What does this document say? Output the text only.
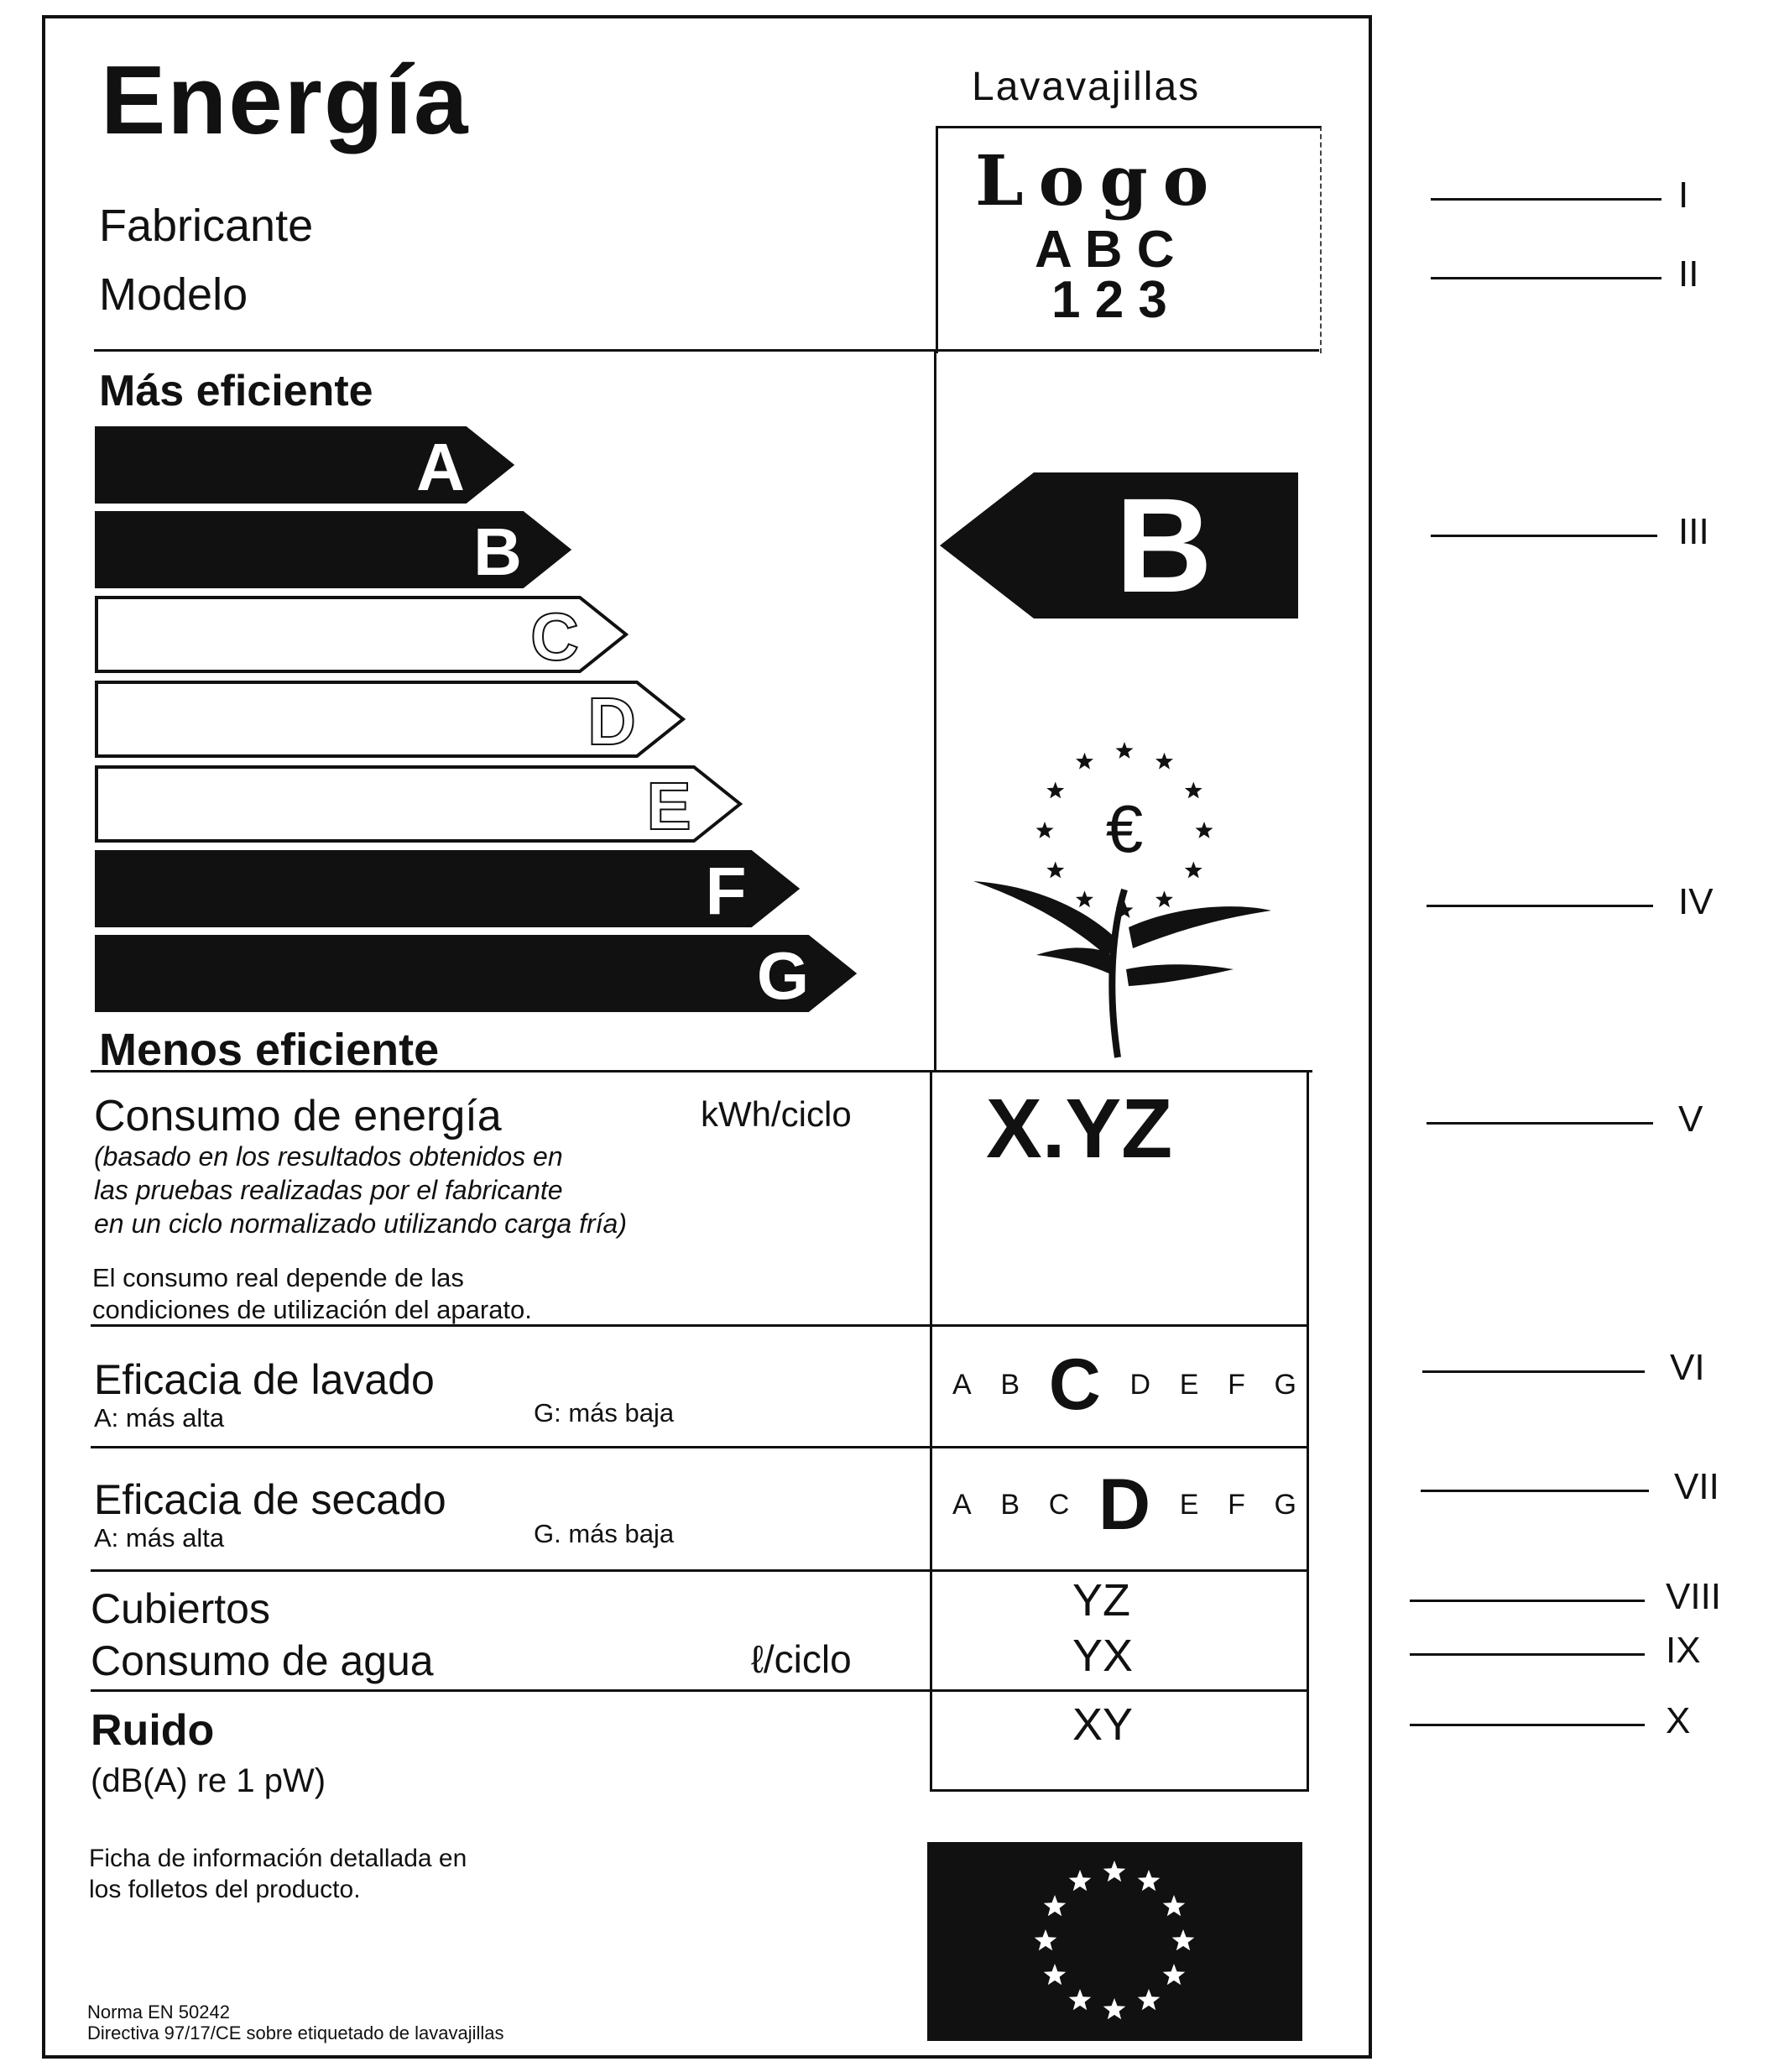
Energía	Lavavajillas
Fabricante
Modelo
Logo
A B C
1 2 3
Más eficiente
Menos eficiente
A
B
C
D
E
F
G
B
€
Consumo de energía	kWh/ciclo
(basado en los resultados obtenidos en
las pruebas realizadas por el fabricante
en un ciclo normalizado utilizando carga fría)
El consumo real depende de las
condiciones de utilización del aparato.
X.YZ
Eficacia de lavado
A: más alta	G: más baja
A B C D E F G
Eficacia de secado
A: más alta	G. más baja
A B C D E F G
Cubiertos	YZ
Consumo de agua	ℓ/ciclo	YX
Ruido
(dB(A) re 1 pW)
XY
Ficha de información detallada en
los folletos del producto.
Norma EN 50242
Directiva 97/17/CE sobre etiquetado de lavavajillas
I
II
III
IV
V
VI
VII
VIII
IX
X
